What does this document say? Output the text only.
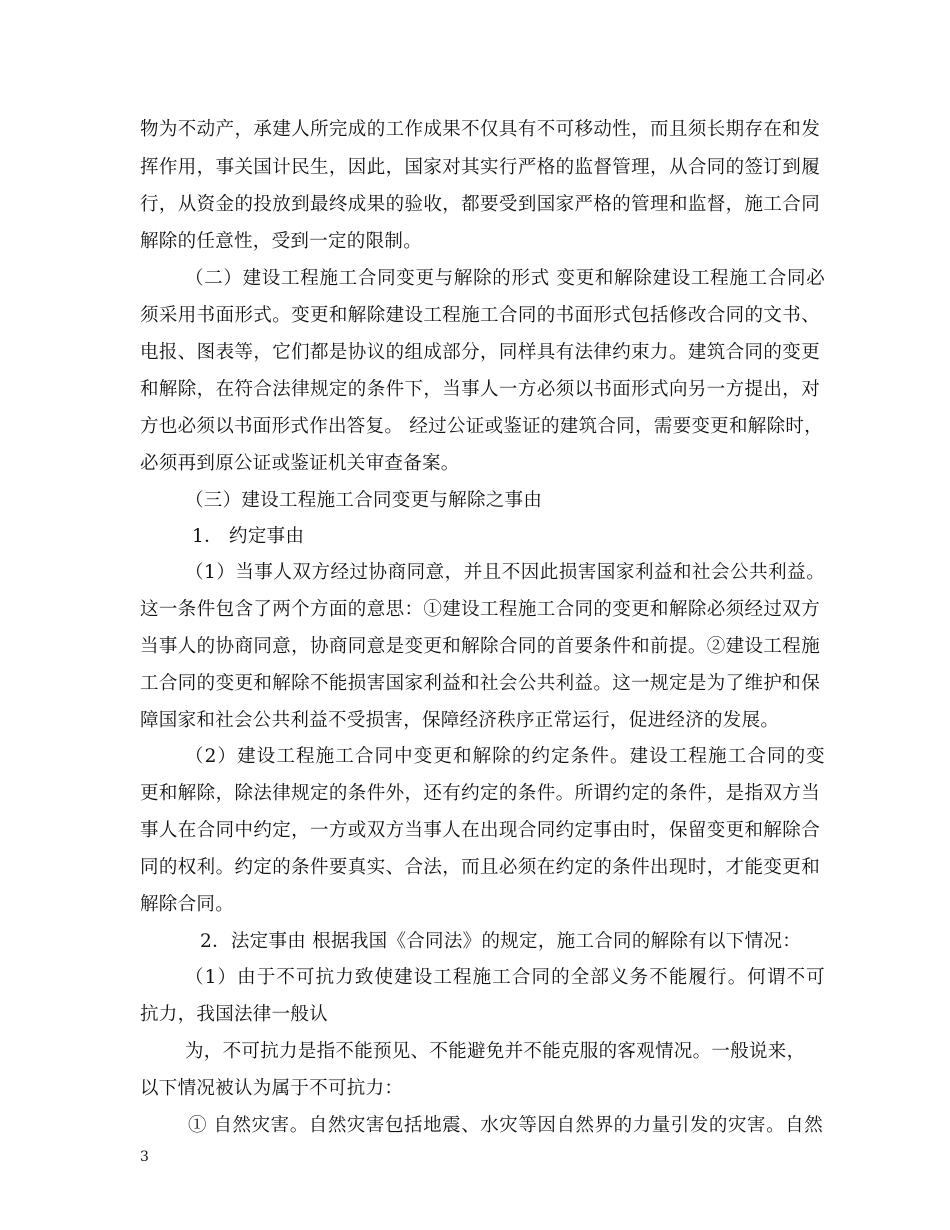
物为不动产，承建人所完成的工作成果不仅具有不可移动性，而且须长期存在和发
挥作用，事关国计民生，因此，国家对其实行严格的监督管理，从合同的签订到履
行，从资金的投放到最终成果的验收，都要受到国家严格的管理和监督，施工合同
解除的任意性，受到一定的限制。
（二）建设工程施工合同变更与解除的形式 变更和解除建设工程施工合同必
须采用书面形式。变更和解除建设工程施工合同的书面形式包括修改合同的文书、
电报、图表等，它们都是协议的组成部分，同样具有法律约束力。建筑合同的变更
和解除，在符合法律规定的条件下，当事人一方必须以书面形式向另一方提出，对
方也必须以书面形式作出答复。 经过公证或鉴证的建筑合同，需要变更和解除时，
必须再到原公证或鉴证机关审查备案。
（三）建设工程施工合同变更与解除之事由
1． 约定事由
（1）当事人双方经过协商同意，并且不因此损害国家利益和社会公共利益。
这一条件包含了两个方面的意思：①建设工程施工合同的变更和解除必须经过双方
当事人的协商同意，协商同意是变更和解除合同的首要条件和前提。②建设工程施
工合同的变更和解除不能损害国家利益和社会公共利益。这一规定是为了维护和保
障国家和社会公共利益不受损害，保障经济秩序正常运行，促进经济的发展。
（2）建设工程施工合同中变更和解除的约定条件。建设工程施工合同的变
更和解除，除法律规定的条件外，还有约定的条件。所谓约定的条件，是指双方当
事人在合同中约定，一方或双方当事人在出现合同约定事由时，保留变更和解除合
同的权利。约定的条件要真实、合法，而且必须在约定的条件出现时，才能变更和
解除合同。
2．法定事由 根据我国《合同法》的规定，施工合同的解除有以下情况：
（1）由于不可抗力致使建设工程施工合同的全部义务不能履行。何谓不可
抗力，我国法律一般认
为，不可抗力是指不能预见、不能避免并不能克服的客观情况。一般说来，
以下情况被认为属于不可抗力：
① 自然灾害。自然灾害包括地震、水灾等因自然界的力量引发的灾害。自然
3
